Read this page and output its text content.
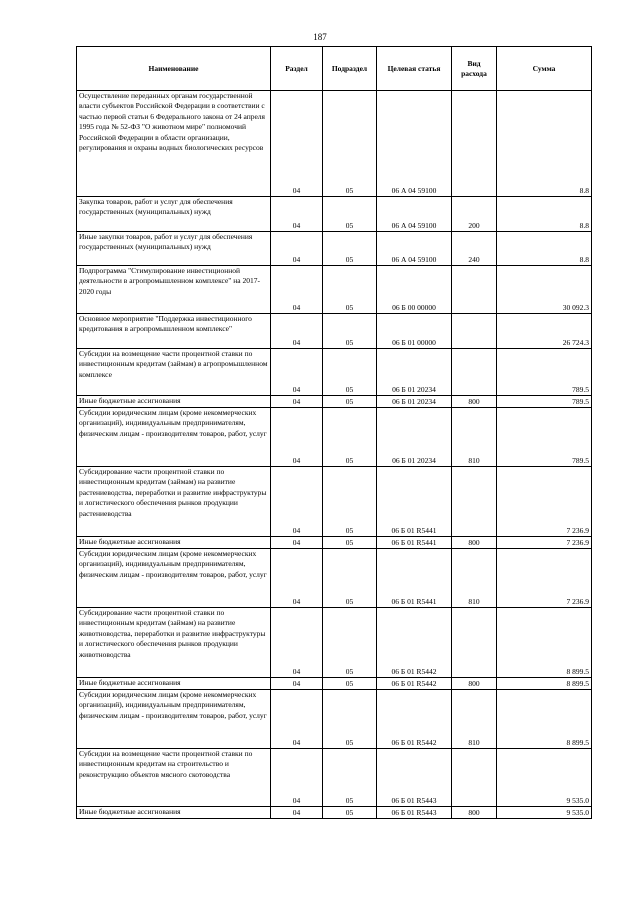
187
Наименование	Раздел	Подраздел	Целевая статья	Вид расхода	Сумма
Осуществление переданных органам государственной власти субъектов Российской Федерации в соответствии с частью первой статьи 6 Федерального закона от 24 апреля 1995 года № 52-ФЗ "О животном мире" полномочий Российской Федерации в области организации, регулирования и охраны водных биологических ресурсов	04	05	06 А 04 59100		8.8
Закупка товаров, работ и услуг для обеспечения государственных (муниципальных) нужд	04	05	06 А 04 59100	200	8.8
Иные закупки товаров, работ и услуг для обеспечения государственных (муниципальных) нужд	04	05	06 А 04 59100	240	8.8
Подпрограмма "Стимулирование инвестиционной деятельности в агропромышленном комплексе" на 2017-2020 годы	04	05	06 Б 00 00000		30 092.3
Основное мероприятие "Поддержка инвестиционного кредитования в агропромышленном комплексе"	04	05	06 Б 01 00000		26 724.3
Субсидии на возмещение части процентной ставки по инвестиционным кредитам (займам) в агропромышленном комплексе	04	05	06 Б 01 20234		789.5
Иные бюджетные ассигнования	04	05	06 Б 01 20234	800	789.5
Субсидии юридическим лицам (кроме некоммерческих организаций), индивидуальным предпринимателям, физическим лицам - производителям товаров, работ, услуг	04	05	06 Б 01 20234	810	789.5
Субсидирование части процентной ставки по инвестиционным кредитам (займам) на развитие растениеводства, переработки и развитие инфраструктуры и логистического обеспечения рынков продукции растениеводства	04	05	06 Б 01 R5441		7 236.9
Иные бюджетные ассигнования	04	05	06 Б 01 R5441	800	7 236.9
Субсидии юридическим лицам (кроме некоммерческих организаций), индивидуальным предпринимателям, физическим лицам - производителям товаров, работ, услуг	04	05	06 Б 01 R5441	810	7 236.9
Субсидирование части процентной ставки по инвестиционным кредитам (займам) на развитие животноводства, переработки и развитие инфраструктуры и логистического обеспечения рынков продукции животноводства	04	05	06 Б 01 R5442		8 899.5
Иные бюджетные ассигнования	04	05	06 Б 01 R5442	800	8 899.5
Субсидии юридическим лицам (кроме некоммерческих организаций), индивидуальным предпринимателям, физическим лицам - производителям товаров, работ, услуг	04	05	06 Б 01 R5442	810	8 899.5
Субсидии на возмещение части процентной ставки по инвестиционным кредитам на строительство и реконструкцию объектов мясного скотоводства	04	05	06 Б 01 R5443		9 535.0
Иные бюджетные ассигнования	04	05	06 Б 01 R5443	800	9 535.0
